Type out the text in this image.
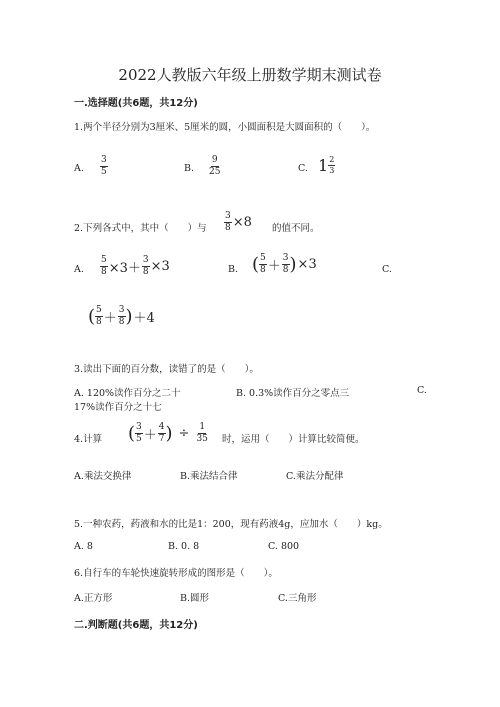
2022人教版六年级上册数学期末测试卷
一.选择题(共6题，共12分)
1.两个半径分别为3厘米、5厘米的圆，小圆面积是大圆面积的（　　）。
A. $\frac{3}{5}$	B. $\frac{9}{25}$	C. $1 \frac{2}{3}$
2.下列各式中，其中（　　）与 $\frac{3}{8} \times 8$ 的值不同。
A. $\frac{5}{8} \times 3+ \frac{3}{8} \times 3$	B. ( $\frac{5}{8} + \frac{3}{8} )\times 3$	C.
( $\frac{5}{8} + \frac{3}{8} )+4$
3.读出下面的百分数，读错了的是（　　）。
A. 120%读作百分之二十	B. 0.3%读作百分之零点三	C.
17%读作百分之十七
4.计算 ( $\frac{3}{5} + \frac{4}{7}$ ) ÷ $\frac{1}{35}$ 时，运用（　　）计算比较简便。
A.乘法交换律	B.乘法结合律	C.乘法分配律
5.一种农药，药液和水的比是1：200，现有药液4g，应加水（　　）kg。
A. 8	B. 0. 8	C. 800
6.自行车的车轮快速旋转形成的图形是（　　）。
A.正方形	B.圆形	C.三角形
二.判断题(共6题，共12分)
